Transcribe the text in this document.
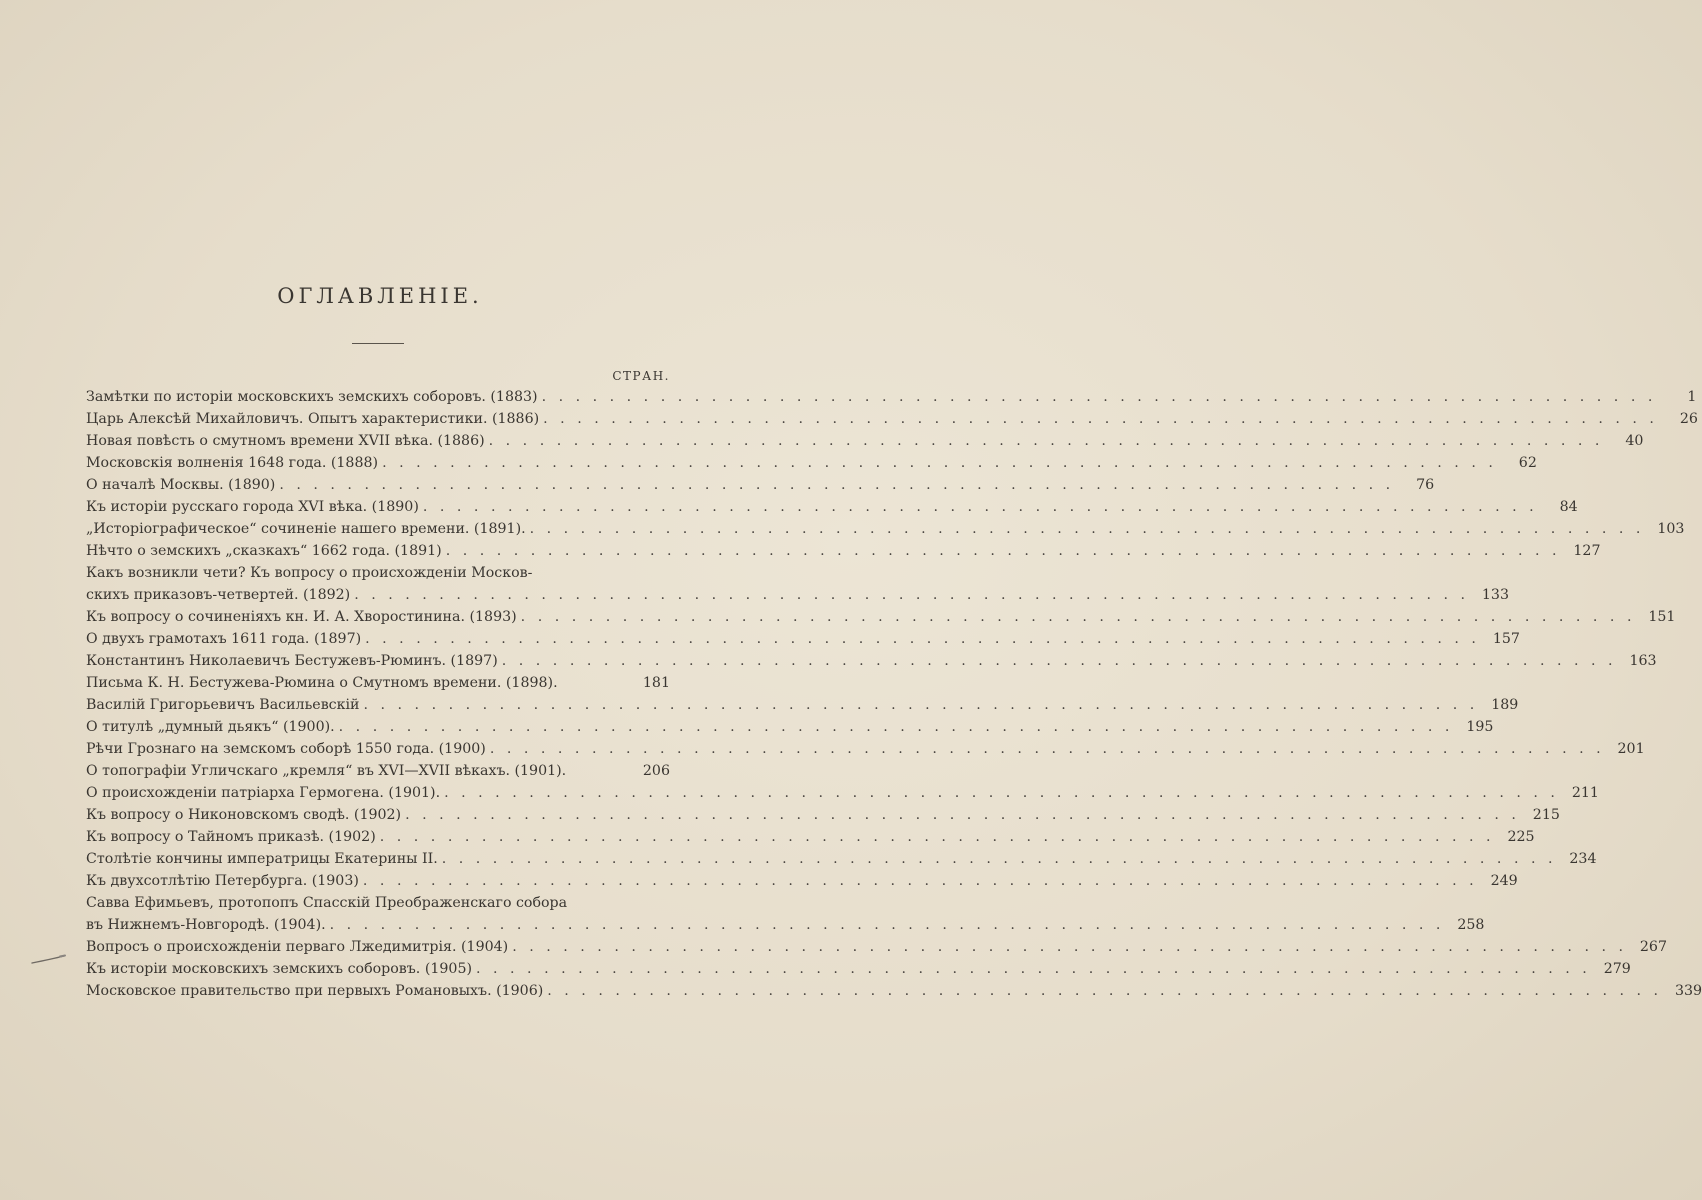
ОГЛАВЛЕНІЕ.
СТРАН.
Замѣтки по исторіи московскихъ земскихъ соборовъ. (1883) . . .	1
Царь Алексѣй Михайловичъ. Опытъ характеристики. (1886) . . .	26
Новая повѣсть о смутномъ времени XVII вѣка. (1886) . . .	40
Московскія волненія 1648 года. (1888) . . .	62
О началѣ Москвы. (1890) . . .	76
Къ исторіи русскаго города XVI вѣка. (1890) . . .	84
„Исторіографическое“ сочиненіе нашего времени. (1891). . . .	103
Нѣчто о земскихъ „сказкахъ“ 1662 года. (1891) . . .	127
Какъ возникли чети? Къ вопросу о происхожденіи Москов-
скихъ приказовъ-четвертей. (1892) . . .	133
Къ вопросу о сочиненіяхъ кн. И. А. Хворостинина. (1893) . . .	151
О двухъ грамотахъ 1611 года. (1897) . . .	157
Константинъ Николаевичъ Бестужевъ-Рюминъ. (1897) . . .	163
Письма К. Н. Бестужева-Рюмина о Смутномъ времени. (1898).	181
Василій Григорьевичъ Васильевскій . . .	189
О титулѣ „думный дьякъ“ (1900). . . .	195
Рѣчи Грознаго на земскомъ соборѣ 1550 года. (1900) . . .	201
О топографіи Угличскаго „кремля“ въ XVI—XVII вѣкахъ. (1901).	206
О происхожденіи патріарха Гермогена. (1901). . . .	211
Къ вопросу о Никоновскомъ сводѣ. (1902) . . .	215
Къ вопросу о Тайномъ приказѣ. (1902) . . .	225
Столѣтіе кончины императрицы Екатерины II. . . .	234
Къ двухсотлѣтію Петербурга. (1903) . . .	249
Савва Ефимьевъ, протопопъ Спасскій Преображенскаго собора
въ Нижнемъ-Новгородѣ. (1904). . . .	258
Вопросъ о происхожденіи перваго Лжедимитрія. (1904) . . .	267
Къ исторіи московскихъ земскихъ соборовъ. (1905) . . .	279
Московское правительство при первыхъ Романовыхъ. (1906) . . .	339
